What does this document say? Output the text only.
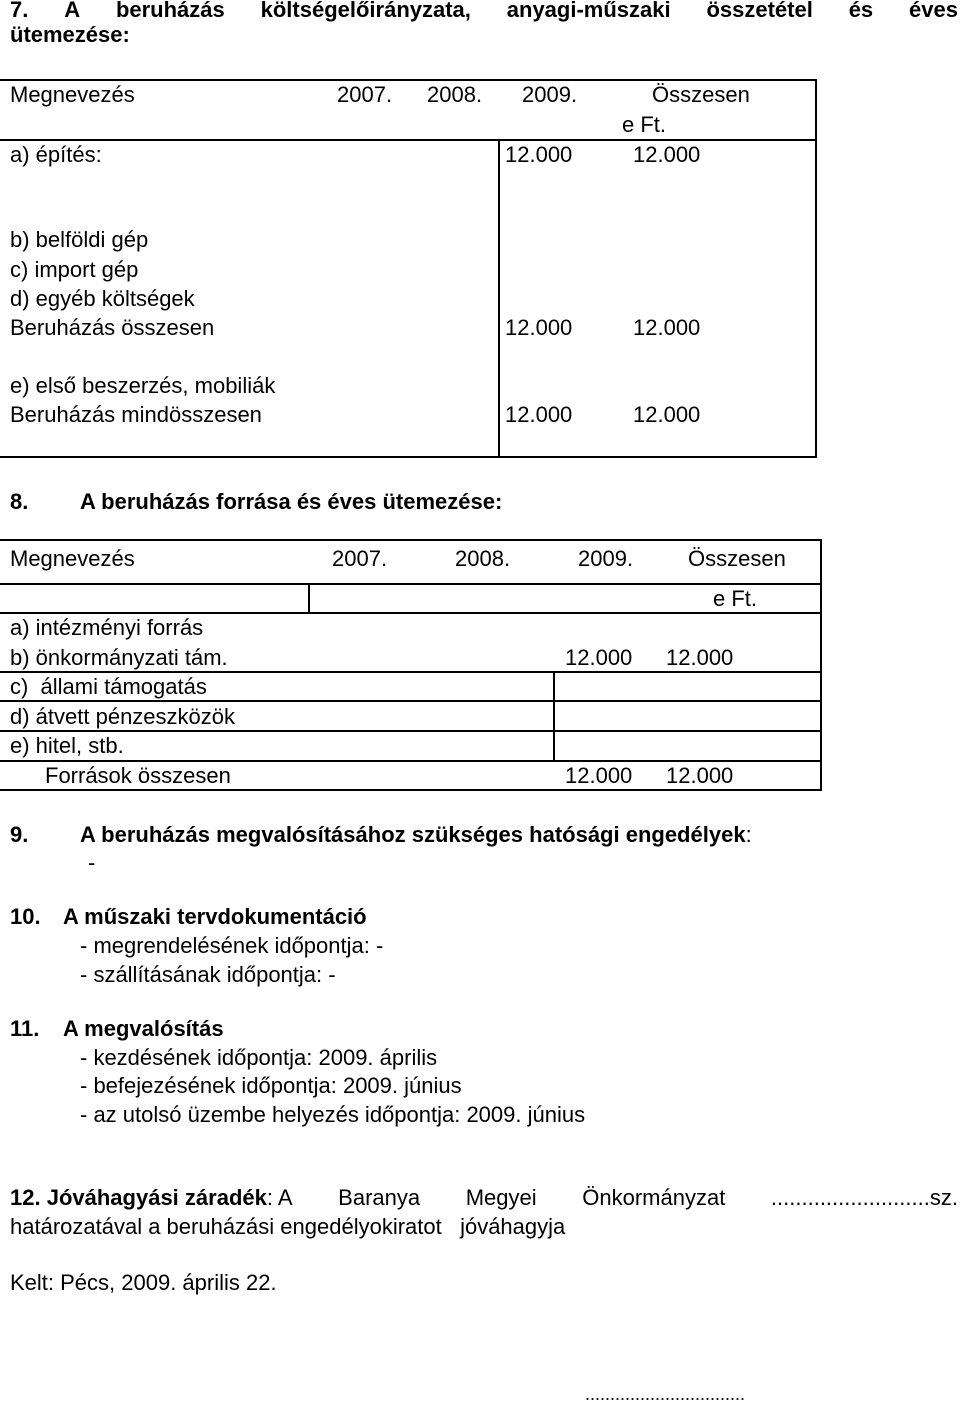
7. A beruházás költségelőirányzata, anyagi-műszaki összetétel és éves
ütemezése:
Megnevezés	2007. 2008. 2009.	Összesen
e Ft.
a) építés:	12.000	12.000
b) belföldi gép
c) import gép
d) egyéb költségek
Beruházás összesen	12.000	12.000
e) első beszerzés, mobiliák
Beruházás mindösszesen	12.000	12.000
8. A beruházás forrása és éves ütemezése:
Megnevezés	2007.	2008.	2009. Összesen
e Ft.
a) intézményi forrás
b) önkormányzati tám.	12.000 12.000
c)  állami támogatás
d) átvett pénzeszközök
e) hitel, stb.
Források összesen	12.000 12.000
9. A beruházás megvalósításához szükséges hatósági engedélyek:
-
10. A műszaki tervdokumentáció
- megrendelésének időpontja: -
- szállításának időpontja: -
11. A megvalósítás
- kezdésének időpontja: 2009. április
- befejezésének időpontja: 2009. június
- az utolsó üzembe helyezés időpontja: 2009. június
12. Jóváhagyási záradék: A Baranya Megyei Önkormányzat ..........................sz.
határozatával a beruházási engedélyokiratot   jóváhagyja
Kelt: Pécs, 2009. április 22.
................................
